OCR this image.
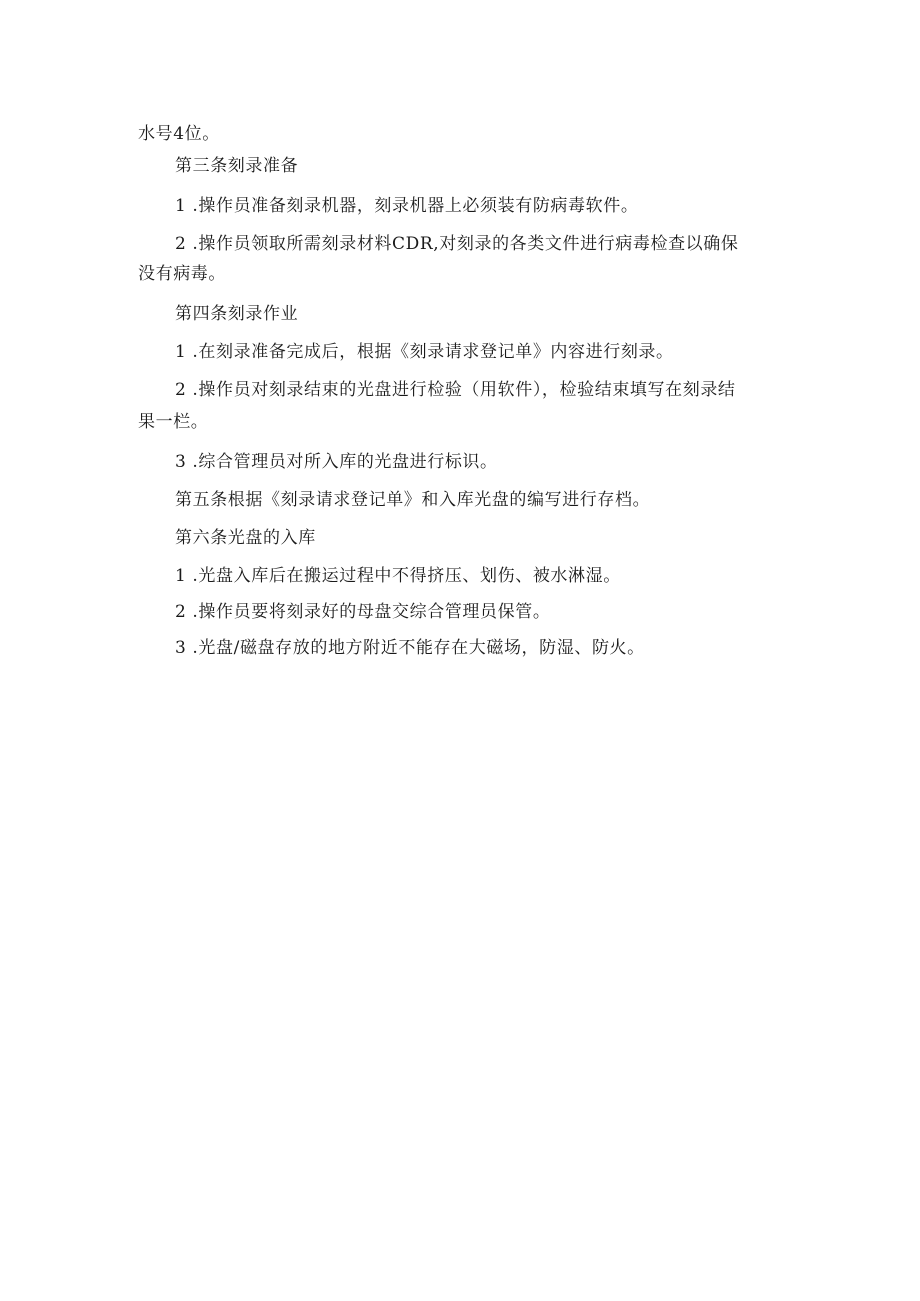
水号4位。
第三条刻录准备
1 .操作员准备刻录机器，刻录机器上必须装有防病毒软件。
2 .操作员领取所需刻录材料CDR,对刻录的各类文件进行病毒检查以确保
没有病毒。
第四条刻录作业
1 .在刻录准备完成后，根据《刻录请求登记单》内容进行刻录。
2 .操作员对刻录结束的光盘进行检验（用软件），检验结束填写在刻录结
果一栏。
3 .综合管理员对所入库的光盘进行标识。
第五条根据《刻录请求登记单》和入库光盘的编写进行存档。
第六条光盘的入库
1 .光盘入库后在搬运过程中不得挤压、划伤、被水淋湿。
2 .操作员要将刻录好的母盘交综合管理员保管。
3 .光盘/磁盘存放的地方附近不能存在大磁场，防湿、防火。
